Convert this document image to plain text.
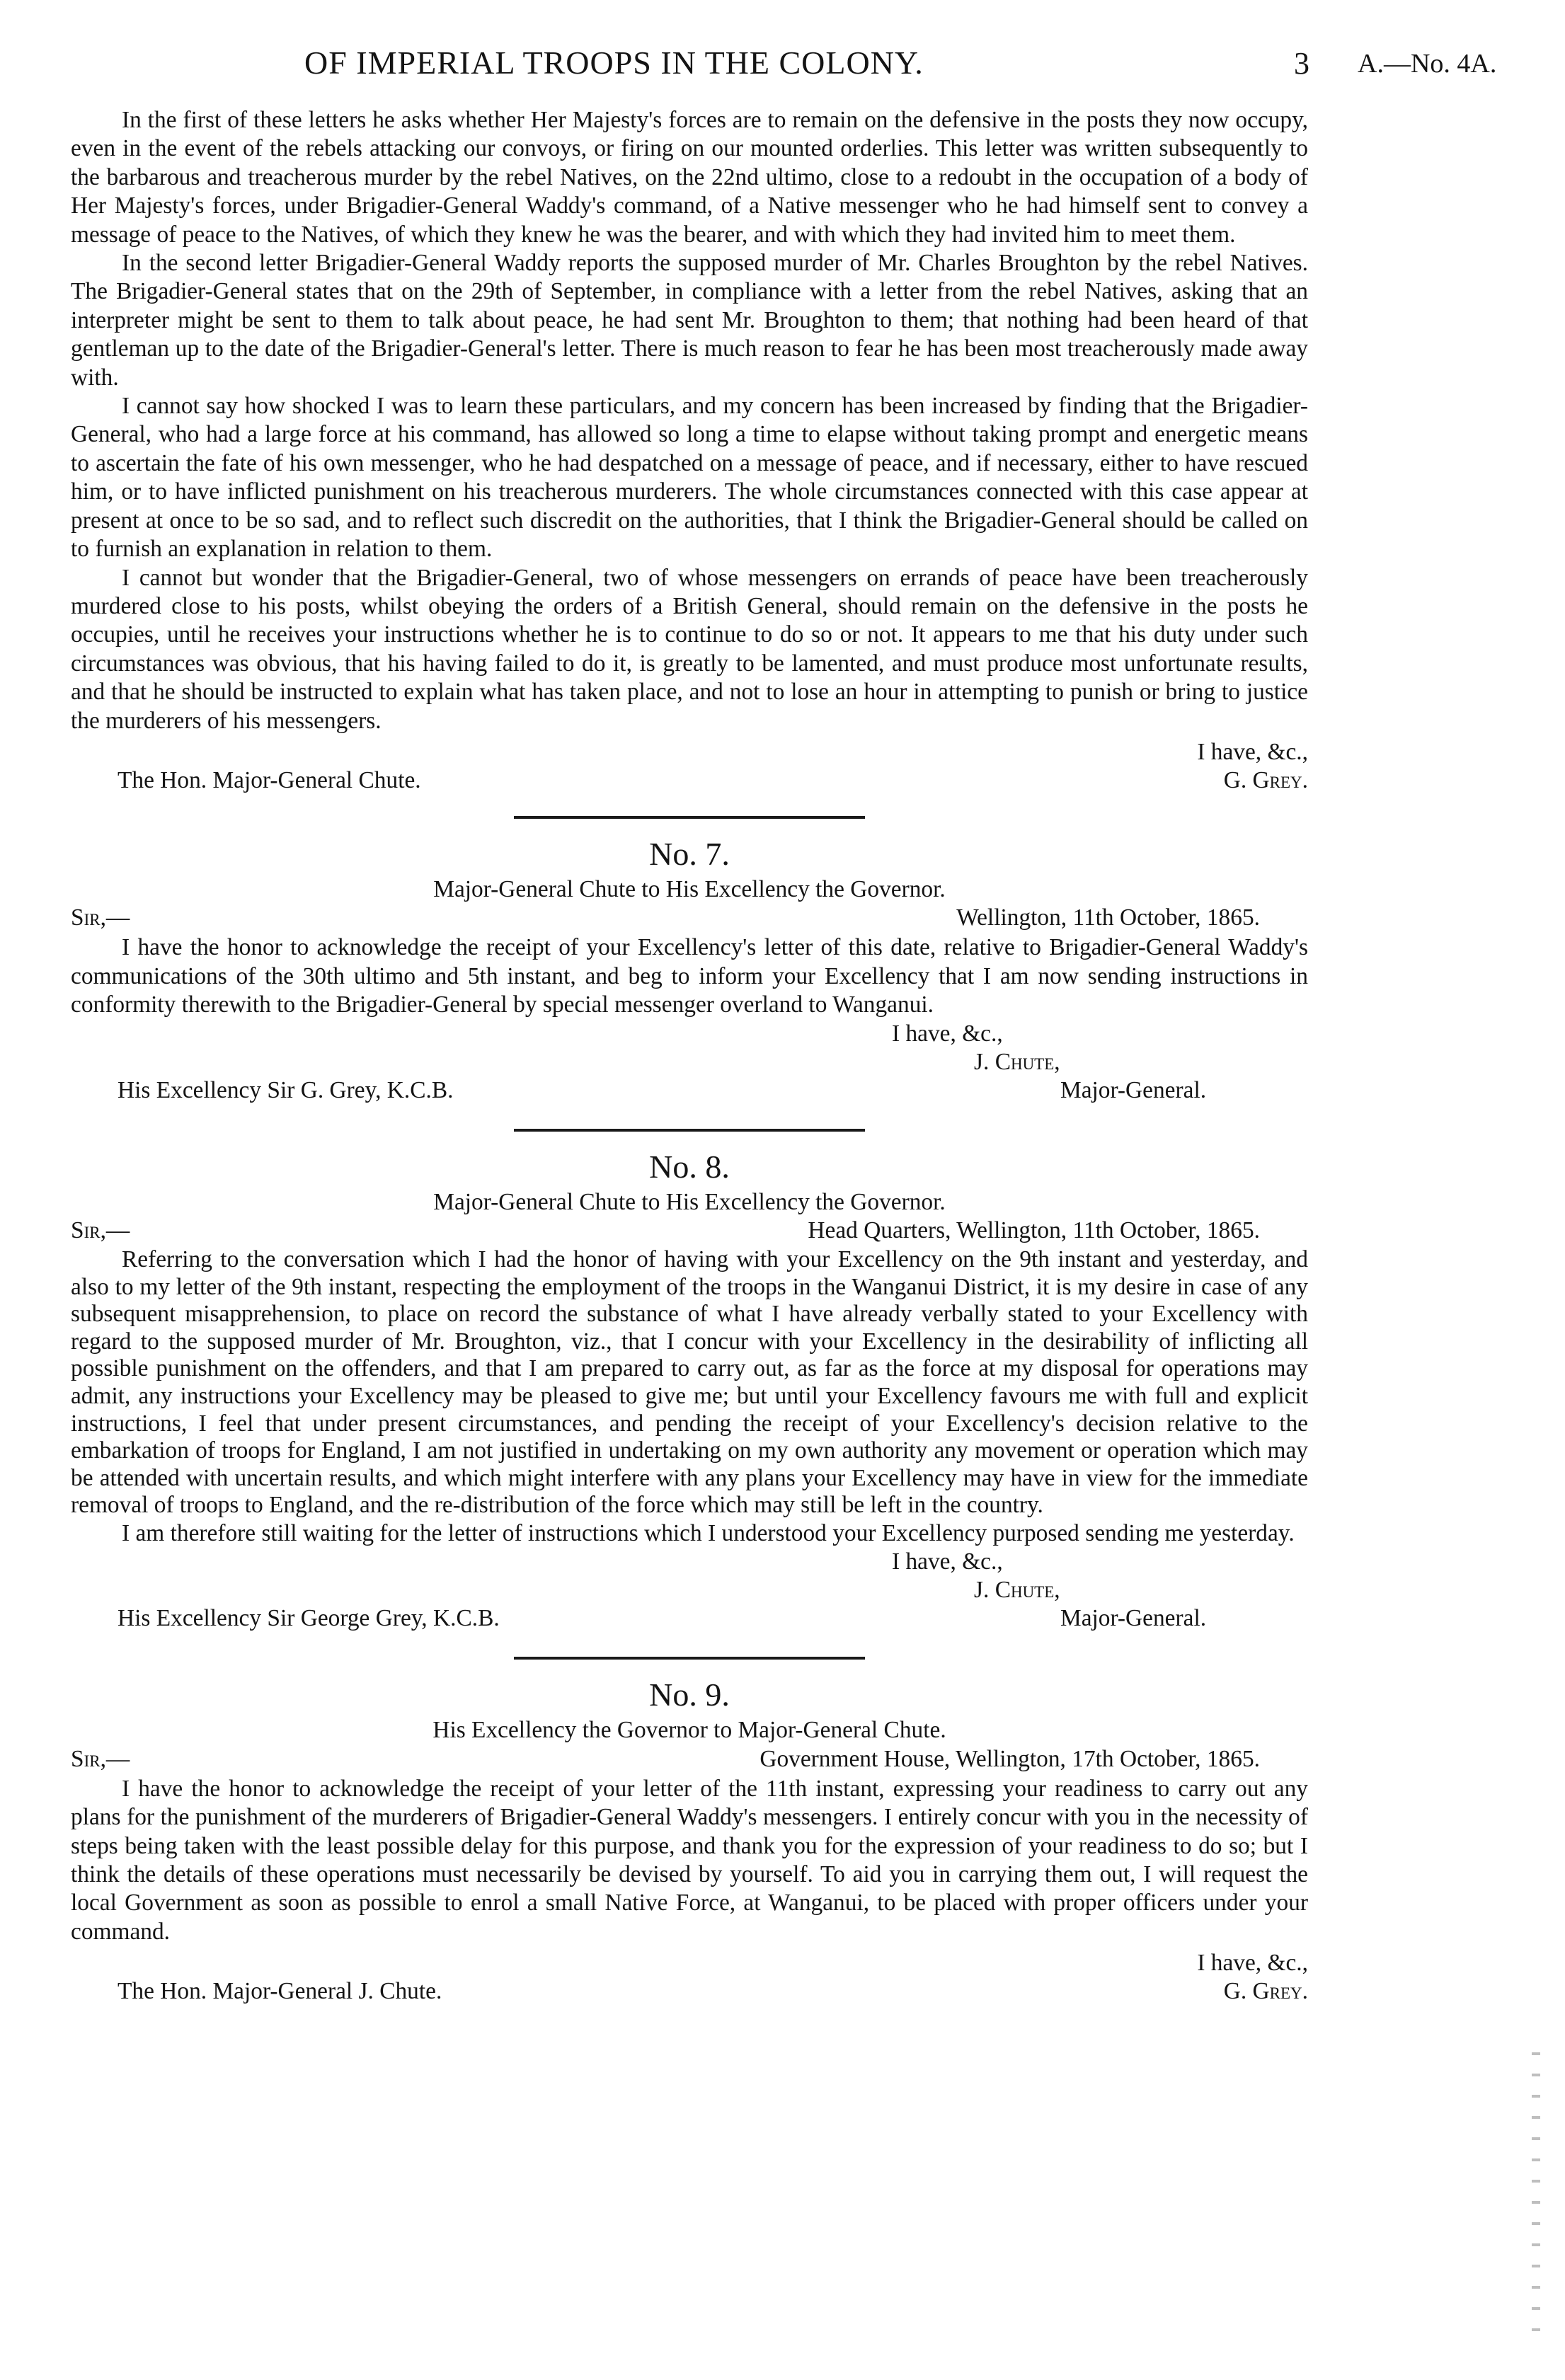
OF IMPERIAL TROOPS IN THE COLONY.	3 A.—No. 4A.

In the first of these letters he asks whether Her Majesty's forces are to remain on the defensive in the posts they now occupy, even in the event of the rebels attacking our convoys, or firing on our mounted orderlies. This letter was written subsequently to the barbarous and treacherous murder by the rebel Natives, on the 22nd ultimo, close to a redoubt in the occupation of a body of Her Majesty's forces, under Brigadier-General Waddy's command, of a Native messenger who he had himself sent to convey a message of peace to the Natives, of which they knew he was the bearer, and with which they had invited him to meet them.

In the second letter Brigadier-General Waddy reports the supposed murder of Mr. Charles Broughton by the rebel Natives. The Brigadier-General states that on the 29th of September, in compliance with a letter from the rebel Natives, asking that an interpreter might be sent to them to talk about peace, he had sent Mr. Broughton to them; that nothing had been heard of that gentleman up to the date of the Brigadier-General's letter. There is much reason to fear he has been most treacherously made away with.

I cannot say how shocked I was to learn these particulars, and my concern has been increased by finding that the Brigadier-General, who had a large force at his command, has allowed so long a time to elapse without taking prompt and energetic means to ascertain the fate of his own messenger, who he had despatched on a message of peace, and if necessary, either to have rescued him, or to have inflicted punishment on his treacherous murderers. The whole circumstances connected with this case appear at present at once to be so sad, and to reflect such discredit on the authorities, that I think the Brigadier-General should be called on to furnish an explanation in relation to them.

I cannot but wonder that the Brigadier-General, two of whose messengers on errands of peace have been treacherously murdered close to his posts, whilst obeying the orders of a British General, should remain on the defensive in the posts he occupies, until he receives your instructions whether he is to continue to do so or not. It appears to me that his duty under such circumstances was obvious, that his having failed to do it, is greatly to be lamented, and must produce most unfortunate results, and that he should be instructed to explain what has taken place, and not to lose an hour in attempting to punish or bring to justice the murderers of his messengers.

I have, &c.,
The Hon. Major-General Chute.	G. Grey.
No. 7.
Major-General Chute to His Excellency the Governor.
Sir,—	Wellington, 11th October, 1865.

I have the honor to acknowledge the receipt of your Excellency's letter of this date, relative to Brigadier-General Waddy's communications of the 30th ultimo and 5th instant, and beg to inform your Excellency that I am now sending instructions in conformity therewith to the Brigadier-General by special messenger overland to Wanganui.

I have, &c.,
J. Chute,
His Excellency Sir G. Grey, K.C.B.	Major-General.
No. 8.
Major-General Chute to His Excellency the Governor.
Sir,—	Head Quarters, Wellington, 11th October, 1865.

Referring to the conversation which I had the honor of having with your Excellency on the 9th instant and yesterday, and also to my letter of the 9th instant, respecting the employment of the troops in the Wanganui District, it is my desire in case of any subsequent misapprehension, to place on record the substance of what I have already verbally stated to your Excellency with regard to the supposed murder of Mr. Broughton, viz., that I concur with your Excellency in the desirability of inflicting all possible punishment on the offenders, and that I am prepared to carry out, as far as the force at my disposal for operations may admit, any instructions your Excellency may be pleased to give me; but until your Excellency favours me with full and explicit instructions, I feel that under present circumstances, and pending the receipt of your Excellency's decision relative to the embarkation of troops for England, I am not justified in undertaking on my own authority any movement or operation which may be attended with uncertain results, and which might interfere with any plans your Excellency may have in view for the immediate removal of troops to England, and the re-distribution of the force which may still be left in the country.

I am therefore still waiting for the letter of instructions which I understood your Excellency purposed sending me yesterday.

I have, &c.,
J. Chute,
His Excellency Sir George Grey, K.C.B.	Major-General.
No. 9.
His Excellency the Governor to Major-General Chute.
Sir,—	Government House, Wellington, 17th October, 1865.

I have the honor to acknowledge the receipt of your letter of the 11th instant, expressing your readiness to carry out any plans for the punishment of the murderers of Brigadier-General Waddy's messengers. I entirely concur with you in the necessity of steps being taken with the least possible delay for this purpose, and thank you for the expression of your readiness to do so; but I think the details of these operations must necessarily be devised by yourself. To aid you in carrying them out, I will request the local Government as soon as possible to enrol a small Native Force, at Wanganui, to be placed with proper officers under your command.

I have, &c.,
The Hon. Major-General J. Chute.	G. Grey.
